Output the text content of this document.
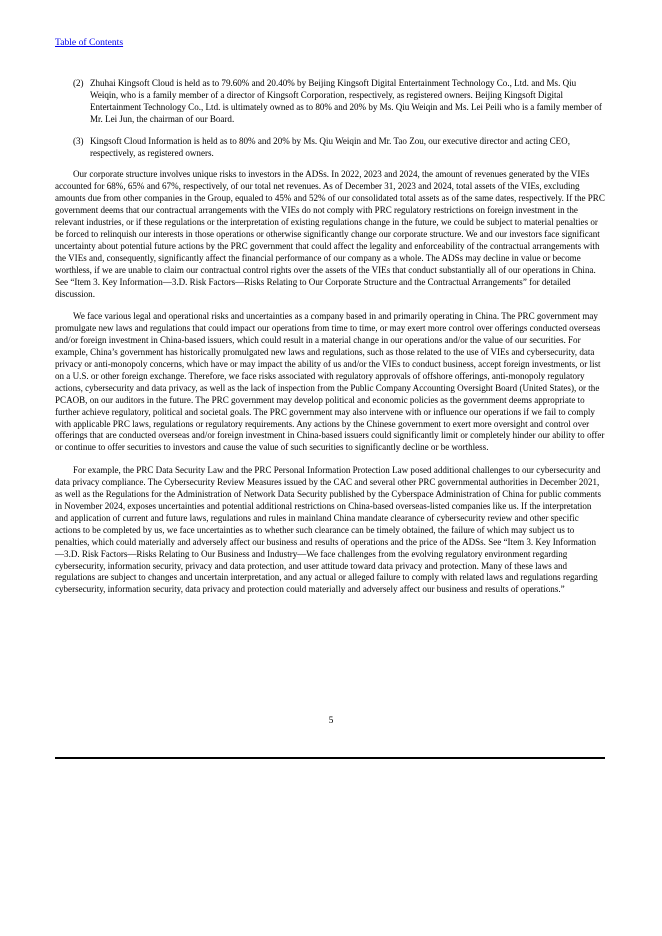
Table of Contents
(2) Zhuhai Kingsoft Cloud is held as to 79.60% and 20.40% by Beijing Kingsoft Digital Entertainment Technology Co., Ltd. and Ms. Qiu Weiqin, who is a family member of a director of Kingsoft Corporation, respectively, as registered owners. Beijing Kingsoft Digital Entertainment Technology Co., Ltd. is ultimately owned as to 80% and 20% by Ms. Qiu Weiqin and Ms. Lei Peili who is a family member of Mr. Lei Jun, the chairman of our Board.
(3) Kingsoft Cloud Information is held as to 80% and 20% by Ms. Qiu Weiqin and Mr. Tao Zou, our executive director and acting CEO, respectively, as registered owners.

Our corporate structure involves unique risks to investors in the ADSs. In 2022, 2023 and 2024, the amount of revenues generated by the VIEs accounted for 68%, 65% and 67%, respectively, of our total net revenues. As of December 31, 2023 and 2024, total assets of the VIEs, excluding amounts due from other companies in the Group, equaled to 45% and 52% of our consolidated total assets as of the same dates, respectively. If the PRC government deems that our contractual arrangements with the VIEs do not comply with PRC regulatory restrictions on foreign investment in the relevant industries, or if these regulations or the interpretation of existing regulations change in the future, we could be subject to material penalties or be forced to relinquish our interests in those operations or otherwise significantly change our corporate structure. We and our investors face significant uncertainty about potential future actions by the PRC government that could affect the legality and enforceability of the contractual arrangements with the VIEs and, consequently, significantly affect the financial performance of our company as a whole. The ADSs may decline in value or become worthless, if we are unable to claim our contractual control rights over the assets of the VIEs that conduct substantially all of our operations in China. See “Item 3. Key Information—3.D. Risk Factors—Risks Relating to Our Corporate Structure and the Contractual Arrangements” for detailed discussion.

We face various legal and operational risks and uncertainties as a company based in and primarily operating in China. The PRC government may promulgate new laws and regulations that could impact our operations from time to time, or may exert more control over offerings conducted overseas and/or foreign investment in China-based issuers, which could result in a material change in our operations and/or the value of our securities. For example, China’s government has historically promulgated new laws and regulations, such as those related to the use of VIEs and cybersecurity, data privacy or anti-monopoly concerns, which have or may impact the ability of us and/or the VIEs to conduct business, accept foreign investments, or list on a U.S. or other foreign exchange. Therefore, we face risks associated with regulatory approvals of offshore offerings, anti-monopoly regulatory actions, cybersecurity and data privacy, as well as the lack of inspection from the Public Company Accounting Oversight Board (United States), or the PCAOB, on our auditors in the future. The PRC government may develop political and economic policies as the government deems appropriate to further achieve regulatory, political and societal goals. The PRC government may also intervene with or influence our operations if we fail to comply with applicable PRC laws, regulations or regulatory requirements. Any actions by the Chinese government to exert more oversight and control over offerings that are conducted overseas and/or foreign investment in China-based issuers could significantly limit or completely hinder our ability to offer or continue to offer securities to investors and cause the value of such securities to significantly decline or be worthless.

For example, the PRC Data Security Law and the PRC Personal Information Protection Law posed additional challenges to our cybersecurity and data privacy compliance. The Cybersecurity Review Measures issued by the CAC and several other PRC governmental authorities in December 2021, as well as the Regulations for the Administration of Network Data Security published by the Cyberspace Administration of China for public comments in November 2024, exposes uncertainties and potential additional restrictions on China-based overseas-listed companies like us. If the interpretation and application of current and future laws, regulations and rules in mainland China mandate clearance of cybersecurity review and other specific actions to be completed by us, we face uncertainties as to whether such clearance can be timely obtained, the failure of which may subject us to penalties, which could materially and adversely affect our business and results of operations and the price of the ADSs. See “Item 3. Key Information—3.D. Risk Factors—Risks Relating to Our Business and Industry—We face challenges from the evolving regulatory environment regarding cybersecurity, information security, privacy and data protection, and user attitude toward data privacy and protection. Many of these laws and regulations are subject to changes and uncertain interpretation, and any actual or alleged failure to comply with related laws and regulations regarding cybersecurity, information security, data privacy and protection could materially and adversely affect our business and results of operations.”

5
